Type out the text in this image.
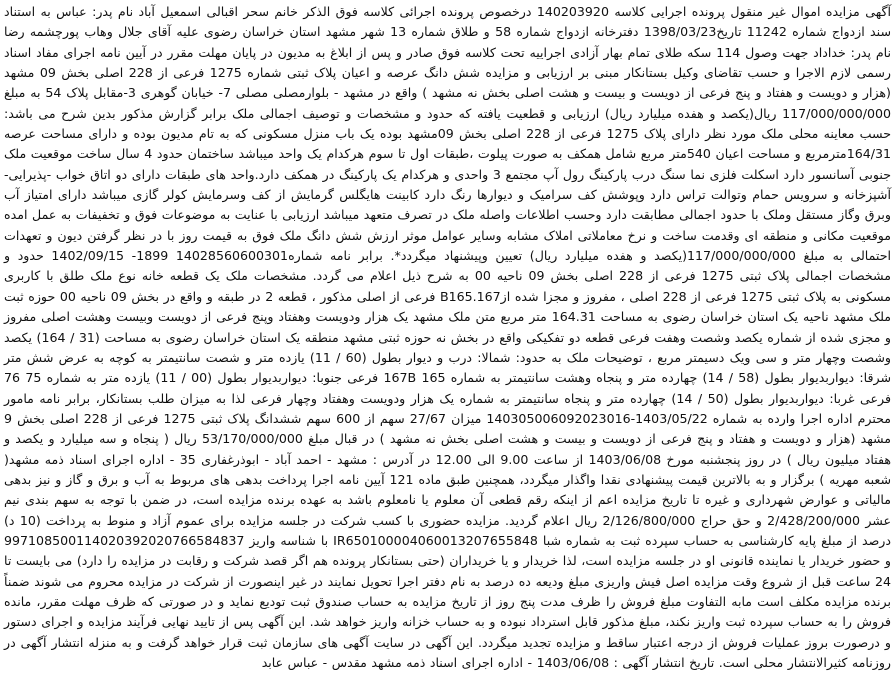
آگهی مزایده اموال غیر منقول پرونده اجرایی کلاسه 140203920 درخصوص پرونده اجرائی کلاسه فوق الذکر خانم سحر اقبالی اسمعیل آباد نام پدر: عباس به استناد سند ازدواج شماره 11242 تاریخ1398/03/23 دفترخانه ازدواج شماره 58 و طلاق شماره 13 شهر مشهد استان خراسان رضوی علیه آقای جلال وهاب پورچشمه رضا نام پدر: خداداد جهت وصول 114 سکه طلای تمام بهار آزادی اجراییه تحت کلاسه فوق صادر و پس از ابلاغ به مدیون در پایان مهلت مقرر در آیین نامه اجرای مفاد اسناد رسمی لازم الاجرا و حسب تقاضای وکیل بستانکار مبنی بر ارزیابی و مزایده شش دانگ عرصه و اعیان پلاک ثبتی شماره 1275 فرعی از 228 اصلی بخش 09 مشهد (هزار و دویست و هفتاد و پنج فرعی از دویست و بیست و هشت اصلی بخش نه مشهد ) واقع در مشهد - بلوارمصلی مصلی 7- خیابان گوهری 3-مقابل پلاک 54 به مبلغ 117/000/000/000 ریال(یکصد و هفده میلیارد ریال) ارزیابی و قطعیت یافته که حدود و مشخصات و توصیف اجمالی ملک برابر گزارش مذکور بدین شرح می باشد: حسب معاینه محلی ملک مورد نظر دارای پلاک 1275 فرعی از 228 اصلی بخش 09مشهد بوده یک باب منزل مسکونی که به تام مدیون بوده و دارای مساحت عرصه 164/31مترمربع و مساحت اعیان 540متر مربع شامل همکف به صورت پیلوت ،طبقات اول تا سوم هرکدام یک واحد میباشد ساختمان حدود 4 سال ساخت موقعیت ملک جنوبی آسانسور دارد اسکلت فلزی نما سنگ درب پارکینگ رول آپ مجتمع 3 واحدی و هرکدام یک پارکینگ در همکف دارد.واحد های طبقات دارای دو اتاق خواب -پذیرایی-آشپزخانه و سرویس حمام وتوالت تراس دارد وپوشش کف سرامیک و دیوارها رنگ دارد کابینت هایگلس گرمایش از کف وسرمایش کولر گازی میباشد دارای امتیاز آب وبرق وگاز مستقل وملک با حدود اجمالی مطابقت دارد وحسب اطلاعات واصله ملک در تصرف متعهد میباشد ارزیابی با عنایت به موضوعات فوق و تخفیفات به عمل امده موقعیت مکانی و منطقه ای وقدمت ساخت و نرخ معاملاتی املاک مشابه وسایر عوامل موثر ارزش شش دانگ ملک فوق به قیمت روز با در نظر گرفتن دیون و تعهدات احتمالی به مبلغ 117/000/000/000(یکصد و هفده میلیارد ریال) تعیین وپیشنهاد میگردد*. برابر نامه شماره14028560600301 1899- 1402/09/15 حدود و مشخصات اجمالی پلاک ثبتی 1275 فرعی از 228 اصلی بخش 09 ناحیه 00 به شرح ذیل اعلام می گردد. مشخصات ملک یک قطعه خانه نوع ملک طلق با کاربری مسکونی به پلاک ثبتی 1275 فرعی از 228 اصلی ، مفروز و مجزا شده ازB165.167 فرعی از اصلی مذکور ، قطعه 2 در طبقه و واقع در بخش 09 ناحیه 00 حوزه ثبت ملک مشهد ناحیه یک استان خراسان رضوی به مساحت 164.31 متر مربع متن ملک مشهد یک هزار ودویست وهفتاد وپنج فرعی از دویست وبیست وهشت اصلی مفروز و مجزی شده از شماره یکصد وشصت وهفت فرعی قطعه دو تفکیکی واقع در بخش نه حوزه ثبتی مشهد منطقه یک استان خراسان رضوی به مساحت (31 / 164) یکصد وشصت وچهار متر و سی ویک دسیمتر مربع ، توضیحات ملک به حدود: شمالا: درب و دیوار بطول (60 / 11) یازده متر و شصت سانتیمتر به کوچه به عرض شش متر شرقا: دیواربدیوار بطول (58 / 14) چهارده متر و پنجاه وهشت سانتیمتر به شماره 165 167B فرعی جنوبا: دیواربدیوار بطول (00 / 11) یازده متر به شماره 75 76 فرعی غربا: دیواربدیوار بطول (50 / 14) چهارده متر و پنجاه سانتیمتر به شماره یک هزار ودویست وهفتاد وچهار فرعی لذا به میزان طلب بستانکار، برابر نامه مامور محترم اداره اجرا وارده به شماره 1403/05/22-140305006092023016 میزان 27/67 سهم از 600 سهم ششدانگ پلاک ثبتی 1275 فرعی از 228 اصلی بخش 9 مشهد (هزار و دویست و هفتاد و پنج فرعی از دویست و بیست و هشت اصلی بخش نه مشهد ) در قبال مبلغ 53/170/000/000 ریال ( پنجاه و سه میلیارد و یکصد و هفتاد میلیون ریال ) در روز پنجشنبه مورخ 1403/06/08 از ساعت 9.00 الی 12.00 در آدرس : مشهد - احمد آباد - ابوذرغفاری 35 - اداره اجرای اسناد ذمه مشهد( شعبه مهریه ) برگزار و به بالاترین قیمت پیشنهادی نقدا واگذار میگردد، همچنین طبق ماده 121 آیین نامه اجرا پرداخت بدهی های مربوط به آب و برق و گاز و نیز بدهی مالیاتی و عوارض شهرداری و غیره تا تاریخ مزایده اعم از اینکه رقم قطعی آن معلوم یا نامعلوم باشد به عهده برنده مزایده است، در ضمن با توجه به سهم بندی نیم عشر 2/428/200/000 و حق حراج 2/126/800/000 ریال اعلام گردید. مزایده حضوری با کسب شرکت در جلسه مزایده برای عموم آزاد و منوط به پرداخت (10 د) درصد از مبلغ پایه کارشناسی به حساب سپرده ثبت به شماره شبا IR650100004060013207655848 با شناسه واریز 997108500114020392020766584837 و حضور خریدار یا نماینده قانونی او در جلسه مزایده است، لذا خریدار و یا خریداران (حتی بستانکار پرونده هم اگر قصد شرکت و رقابت در مزایده را دارد) می بایست تا 24 ساعت قبل از شروع وقت مزایده اصل فیش واریزی مبلغ ودیعه ده درصد به نام دفتر اجرا تحویل نمایند در غیر اینصورت از شرکت در مزایده محروم می شوند ضمناً برنده مزایده مکلف است مابه التفاوت مبلغ فروش را ظرف مدت پنج روز از تاریخ مزایده به حساب صندوق ثبت تودیع نماید و در صورتی که ظرف مهلت مقرر، مانده فروش را به حساب سپرده ثبت واریز نکند، مبلغ مذکور قابل استرداد نبوده و به حساب خزانه واریز خواهد شد. این آگهی پس از تایید نهایی فرآیند مزایده و اجرای دستور و درصورت بروز عملیات فروش از درجه اعتبار ساقط و مزایده تجدید میگردد. این آگهی در سایت آگهی های سازمان ثبت قرار خواهد گرفت و به منزله انتشار آگهی در روزنامه کثیرالانتشار محلی است. تاریخ انتشار آگهی : 1403/06/08 - اداره اجرای اسناد ذمه مشهد مقدس - عباس عابد
